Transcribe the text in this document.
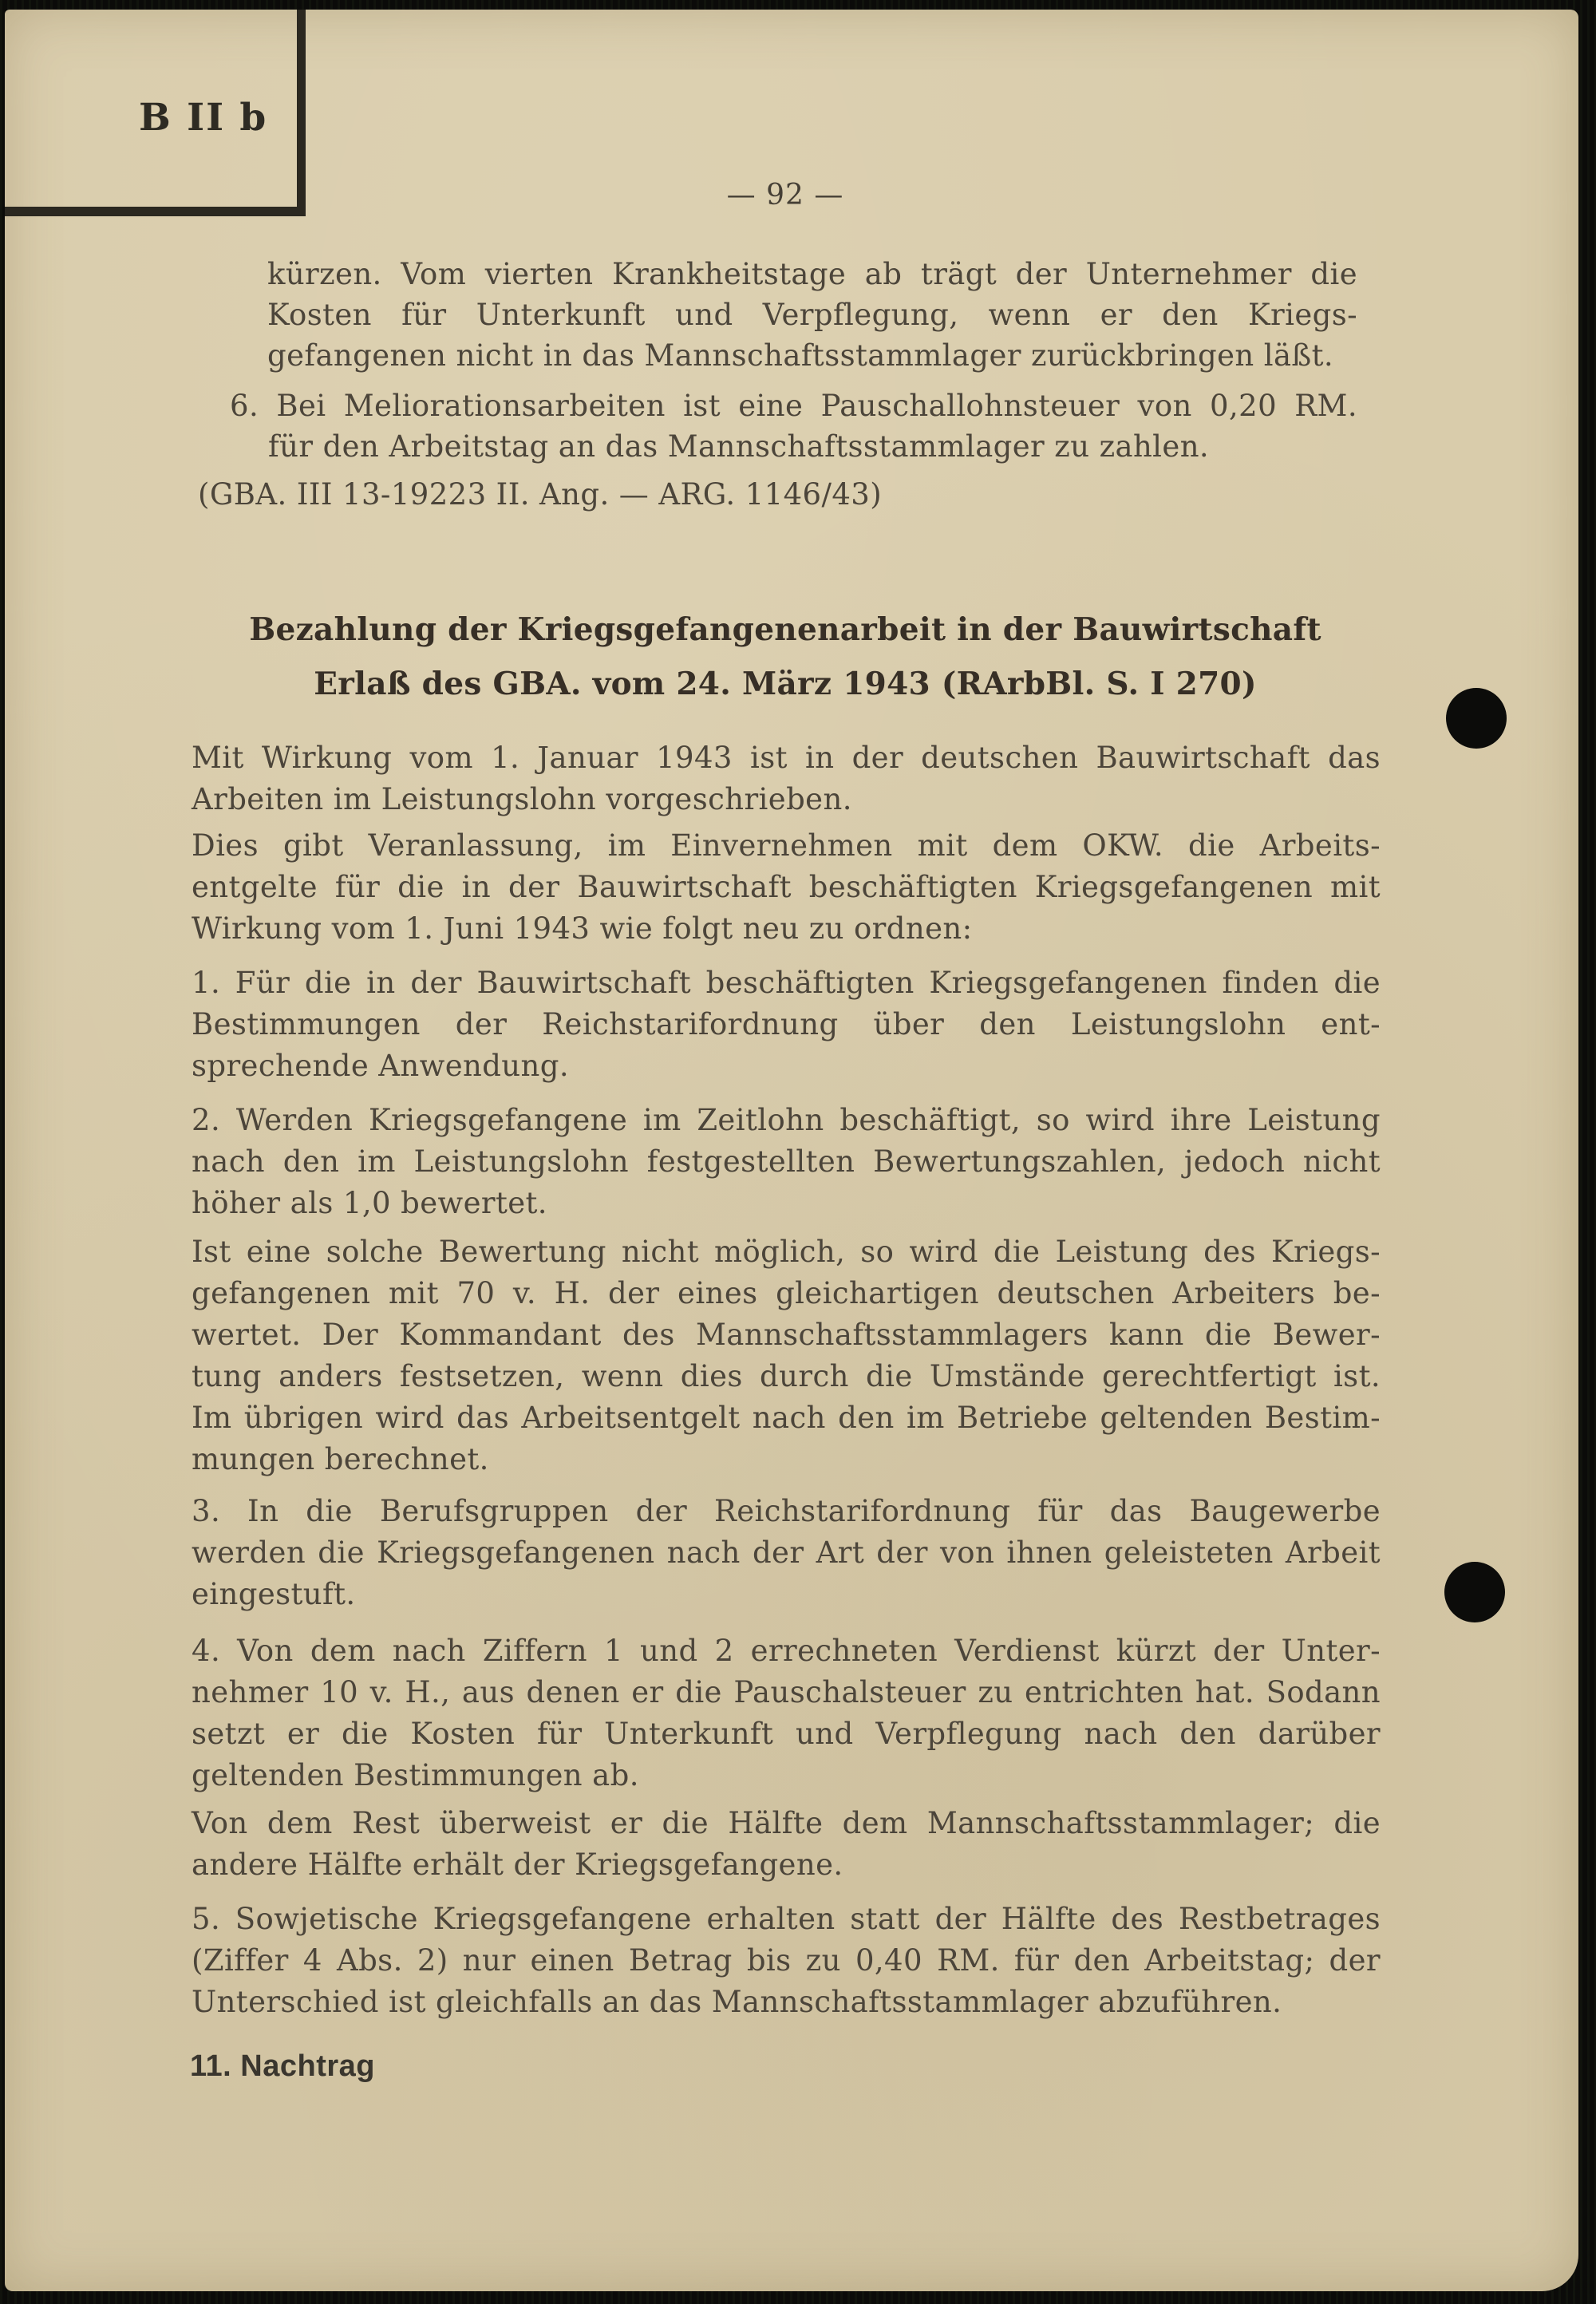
B II b
— 92 —
kürzen. Vom vierten Krankheitstage ab trägt der Unternehmer die
Kosten für Unterkunft und Verpflegung, wenn er den Kriegs-
gefangenen nicht in das Mannschaftsstammlager zurückbringen läßt.
6. Bei Meliorationsarbeiten ist eine Pauschallohnsteuer von 0,20 RM.
für den Arbeitstag an das Mannschaftsstammlager zu zahlen.
(GBA. III 13-19223 II. Ang. — ARG. 1146/43)
Bezahlung der Kriegsgefangenenarbeit in der Bauwirtschaft
Erlaß des GBA. vom 24. März 1943 (RArbBl. S. I 270)
Mit Wirkung vom 1. Januar 1943 ist in der deutschen Bauwirtschaft das
Arbeiten im Leistungslohn vorgeschrieben.
Dies gibt Veranlassung, im Einvernehmen mit dem OKW. die Arbeits-
entgelte für die in der Bauwirtschaft beschäftigten Kriegsgefangenen mit
Wirkung vom 1. Juni 1943 wie folgt neu zu ordnen:
1. Für die in der Bauwirtschaft beschäftigten Kriegsgefangenen finden die
Bestimmungen der Reichstarifordnung über den Leistungslohn ent-
sprechende Anwendung.
2. Werden Kriegsgefangene im Zeitlohn beschäftigt, so wird ihre Leistung
nach den im Leistungslohn festgestellten Bewertungszahlen, jedoch nicht
höher als 1,0 bewertet.
Ist eine solche Bewertung nicht möglich, so wird die Leistung des Kriegs-
gefangenen mit 70 v. H. der eines gleichartigen deutschen Arbeiters be-
wertet. Der Kommandant des Mannschaftsstammlagers kann die Bewer-
tung anders festsetzen, wenn dies durch die Umstände gerechtfertigt ist.
Im übrigen wird das Arbeitsentgelt nach den im Betriebe geltenden Bestim-
mungen berechnet.
3. In die Berufsgruppen der Reichstarifordnung für das Baugewerbe
werden die Kriegsgefangenen nach der Art der von ihnen geleisteten Arbeit
eingestuft.
4. Von dem nach Ziffern 1 und 2 errechneten Verdienst kürzt der Unter-
nehmer 10 v. H., aus denen er die Pauschalsteuer zu entrichten hat. Sodann
setzt er die Kosten für Unterkunft und Verpflegung nach den darüber
geltenden Bestimmungen ab.
Von dem Rest überweist er die Hälfte dem Mannschaftsstammlager; die
andere Hälfte erhält der Kriegsgefangene.
5. Sowjetische Kriegsgefangene erhalten statt der Hälfte des Restbetrages
(Ziffer 4 Abs. 2) nur einen Betrag bis zu 0,40 RM. für den Arbeitstag; der
Unterschied ist gleichfalls an das Mannschaftsstammlager abzuführen.
11. Nachtrag
